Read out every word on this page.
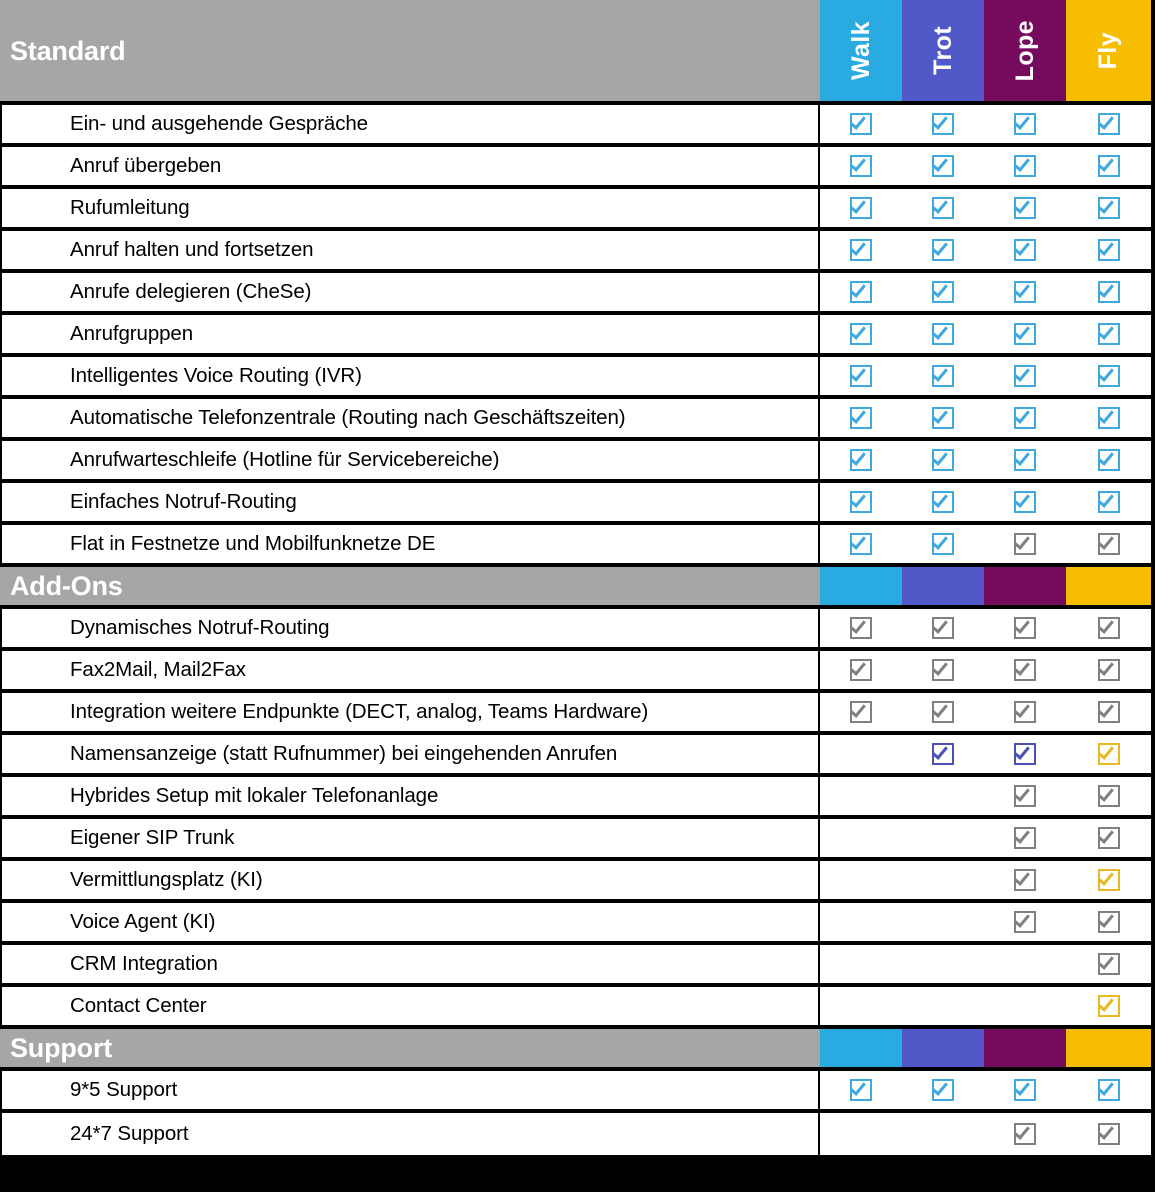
Standard	Walk Trot Lope Fly
Ein- und ausgehende Gespräche
Anruf übergeben
Rufumleitung
Anruf halten und fortsetzen
Anrufe delegieren (CheSe)
Anrufgruppen
Intelligentes Voice Routing (IVR)
Automatische Telefonzentrale (Routing nach Geschäftszeiten)
Anrufwarteschleife (Hotline für Servicebereiche)
Einfaches Notruf-Routing
Flat in Festnetze und Mobilfunknetze DE
Add-Ons
Dynamisches Notruf-Routing
Fax2Mail, Mail2Fax
Integration weitere Endpunkte (DECT, analog, Teams Hardware)
Namensanzeige (statt Rufnummer) bei eingehenden Anrufen
Hybrides Setup mit lokaler Telefonanlage
Eigener SIP Trunk
Vermittlungsplatz (KI)
Voice Agent (KI)
CRM Integration
Contact Center
Support
9*5 Support
24*7 Support
